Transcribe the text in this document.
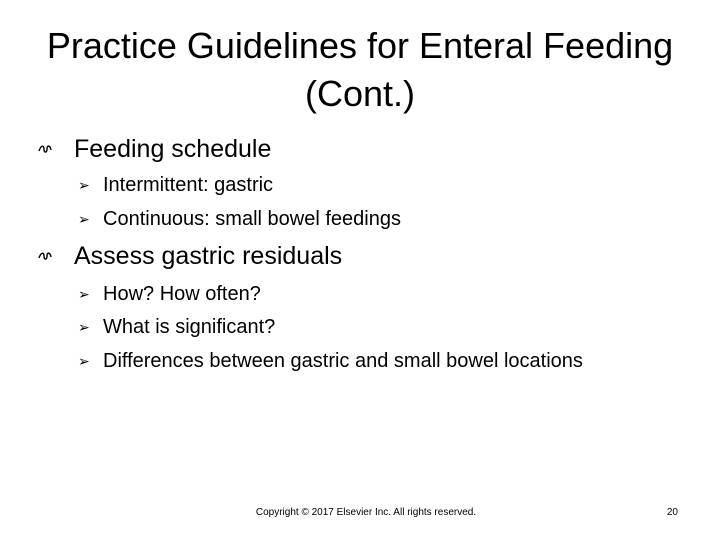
Practice Guidelines for Enteral Feeding (Cont.)
Feeding schedule
➢ Intermittent: gastric
➢ Continuous: small bowel feedings
Assess gastric residuals
➢ How? How often?
➢ What is significant?
➢ Differences between gastric and small bowel locations
Copyright © 2017 Elsevier Inc. All rights reserved.	20
